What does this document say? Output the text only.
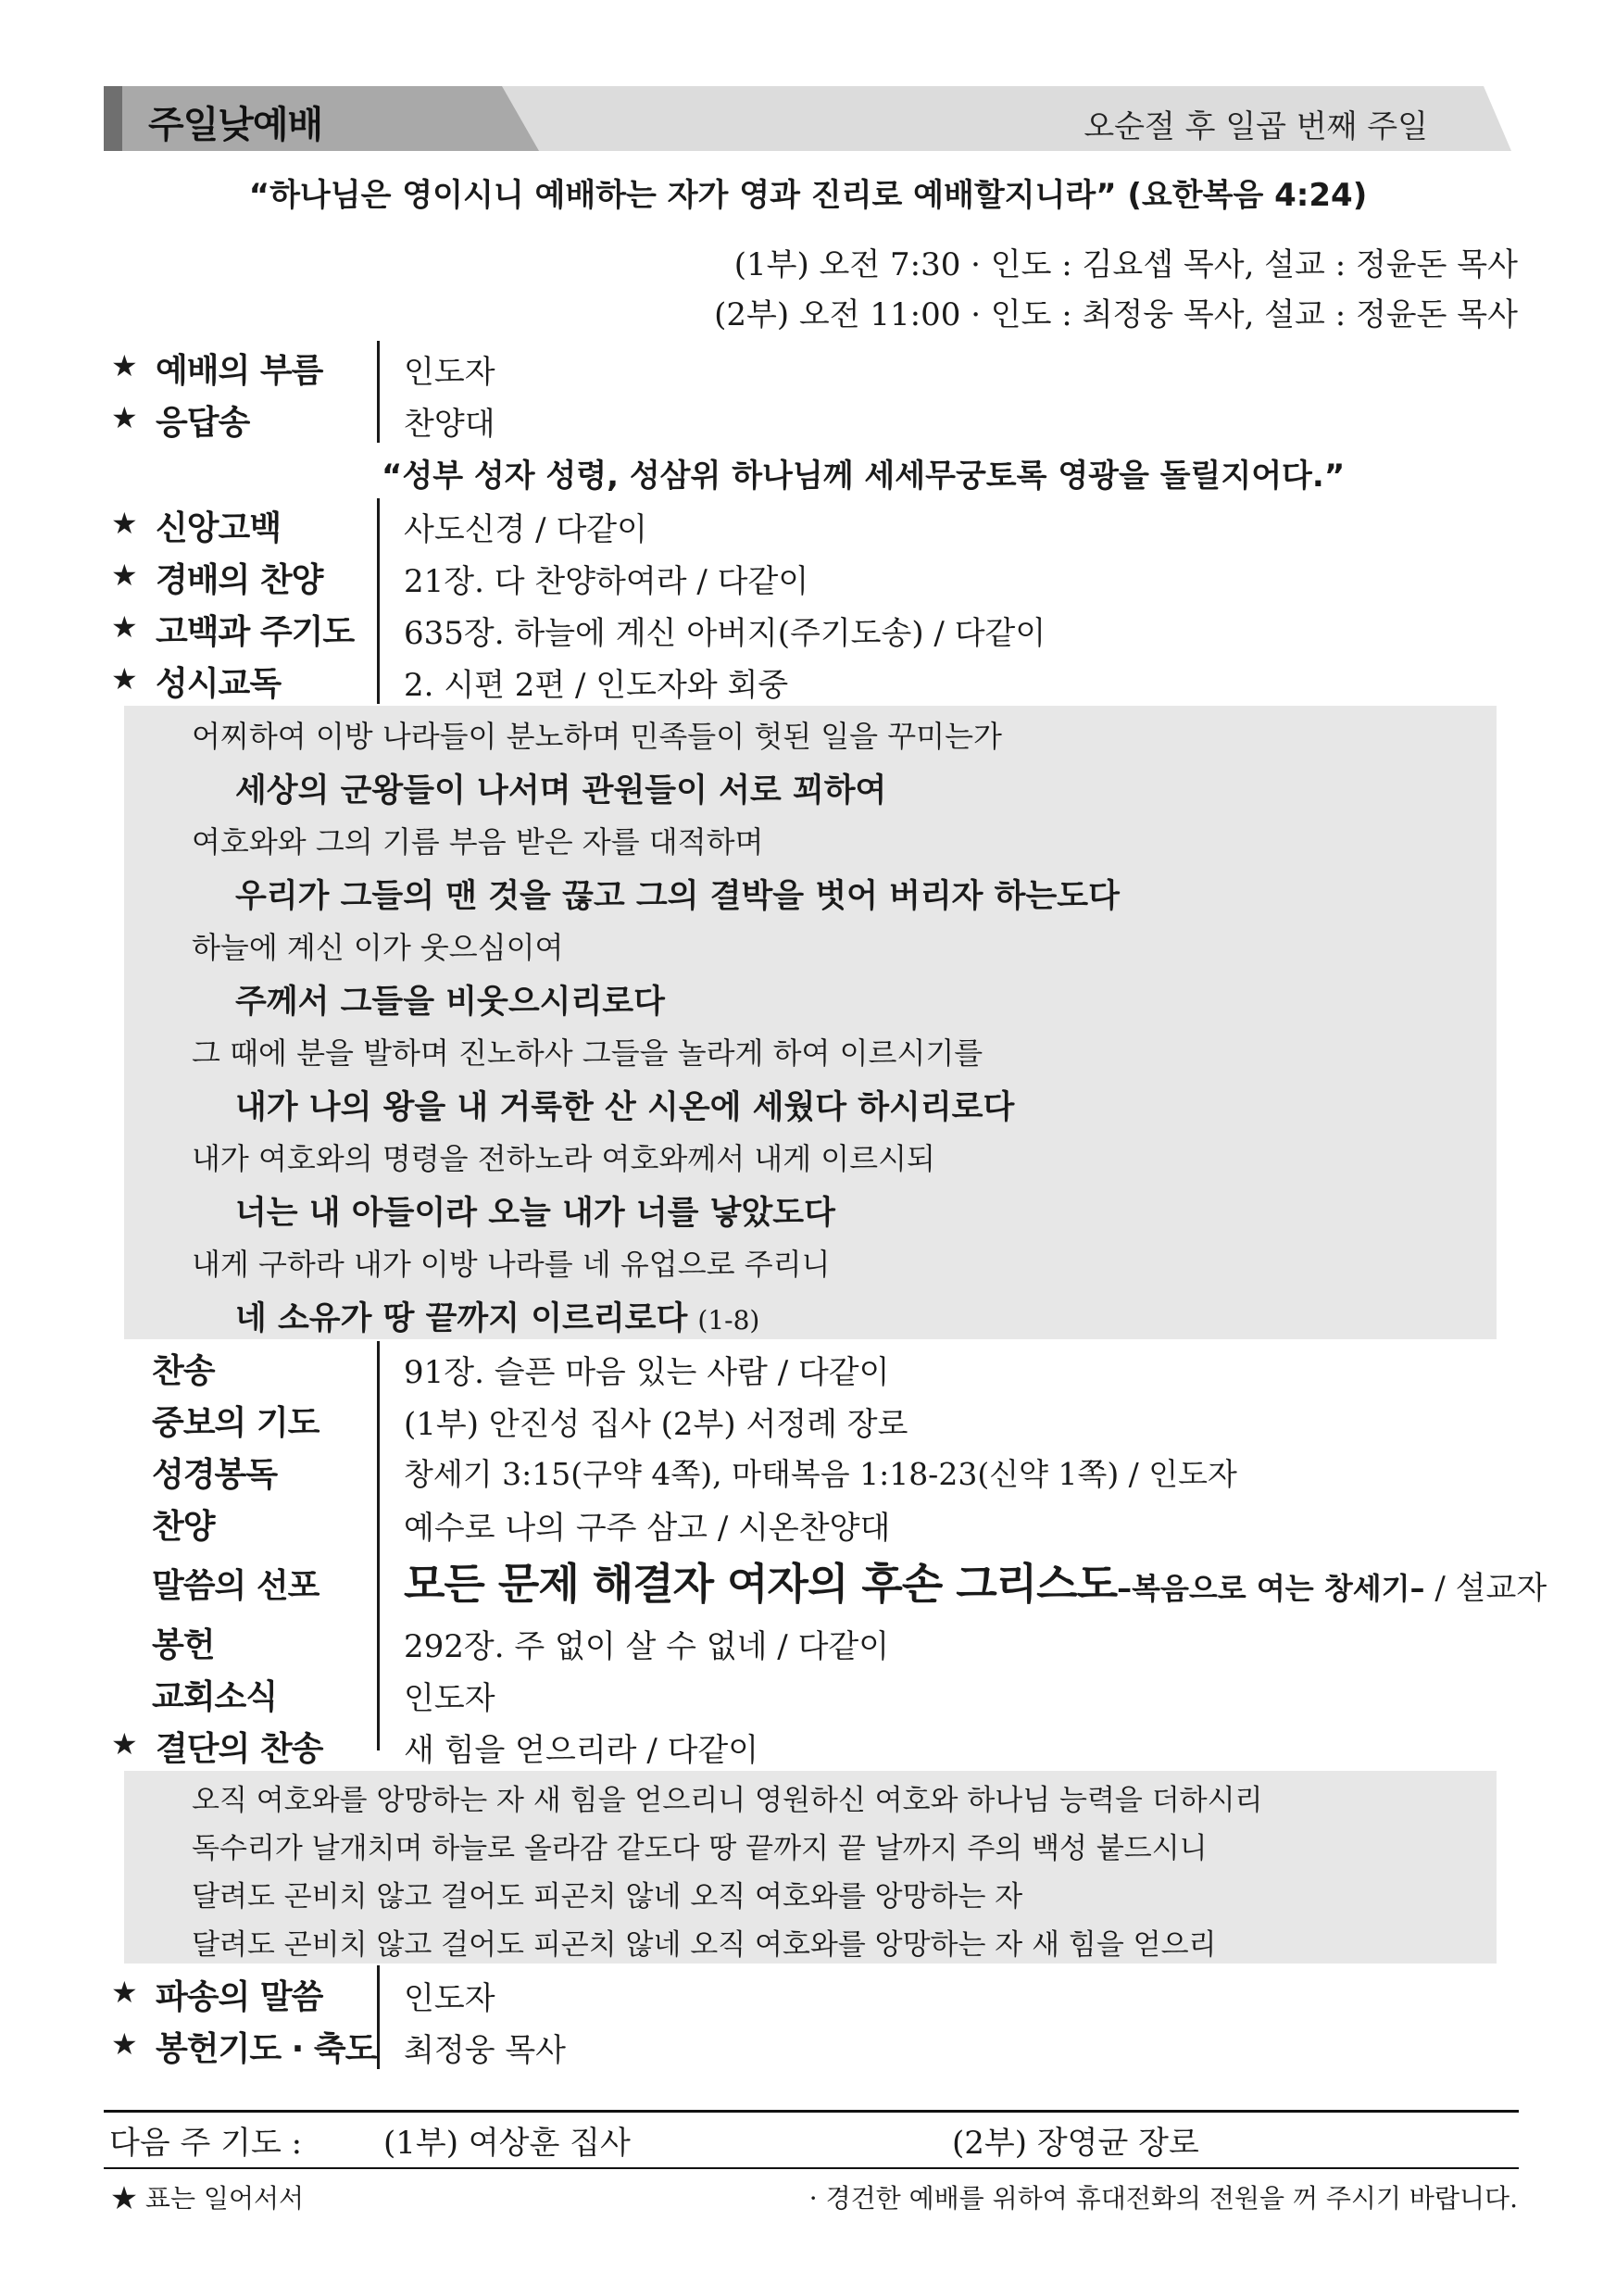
주일낮예배	오순절 후 일곱 번째 주일
“하나님은 영이시니 예배하는 자가 영과 진리로 예배할지니라” (요한복음 4:24)
(1부) 오전 7:30 · 인도 : 김요셉 목사, 설교 : 정윤돈 목사
(2부) 오전 11:00 · 인도 : 최정웅 목사, 설교 : 정윤돈 목사
★ 예배의 부름	인도자
★ 응답송	찬양대
“성부 성자 성령, 성삼위 하나님께 세세무궁토록 영광을 돌릴지어다.”
★ 신앙고백	사도신경 / 다같이
★ 경배의 찬양	21장. 다 찬양하여라 / 다같이
★ 고백과 주기도 635장. 하늘에 계신 아버지(주기도송) / 다같이
★ 성시교독	2. 시편 2편 / 인도자와 회중
어찌하여 이방 나라들이 분노하며 민족들이 헛된 일을 꾸미는가
세상의 군왕들이 나서며 관원들이 서로 꾀하여
여호와와 그의 기름 부음 받은 자를 대적하며
우리가 그들의 맨 것을 끊고 그의 결박을 벗어 버리자 하는도다
하늘에 계신 이가 웃으심이여
주께서 그들을 비웃으시리로다
그 때에 분을 발하며 진노하사 그들을 놀라게 하여 이르시기를
내가 나의 왕을 내 거룩한 산 시온에 세웠다 하시리로다
내가 여호와의 명령을 전하노라 여호와께서 내게 이르시되
너는 내 아들이라 오늘 내가 너를 낳았도다
내게 구하라 내가 이방 나라를 네 유업으로 주리니
네 소유가 땅 끝까지 이르리로다 (1-8)
찬송	91장. 슬픈 마음 있는 사람 / 다같이
중보의 기도	(1부) 안진성 집사 (2부) 서정례 장로
성경봉독	창세기 3:15(구약 4쪽), 마태복음 1:18-23(신약 1쪽) / 인도자
찬양	예수로 나의 구주 삼고 / 시온찬양대
말씀의 선포 모든 문제 해결자 여자의 후손 그리스도–복음으로 여는 창세기– / 설교자
봉헌	292장. 주 없이 살 수 없네 / 다같이
교회소식	인도자
★ 결단의 찬송	새 힘을 얻으리라 / 다같이
오직 여호와를 앙망하는 자 새 힘을 얻으리니 영원하신 여호와 하나님 능력을 더하시리
독수리가 날개치며 하늘로 올라감 같도다 땅 끝까지 끝 날까지 주의 백성 붙드시니
달려도 곤비치 않고 걸어도 피곤치 않네 오직 여호와를 앙망하는 자
달려도 곤비치 않고 걸어도 피곤치 않네 오직 여호와를 앙망하는 자 새 힘을 얻으리
★ 파송의 말씀	인도자
★ 봉헌기도 · 축도 최정웅 목사
다음 주 기도 :	(1부) 여상훈 집사	(2부) 장영균 장로
★ 표는 일어서서	· 경건한 예배를 위하여 휴대전화의 전원을 꺼 주시기 바랍니다.
